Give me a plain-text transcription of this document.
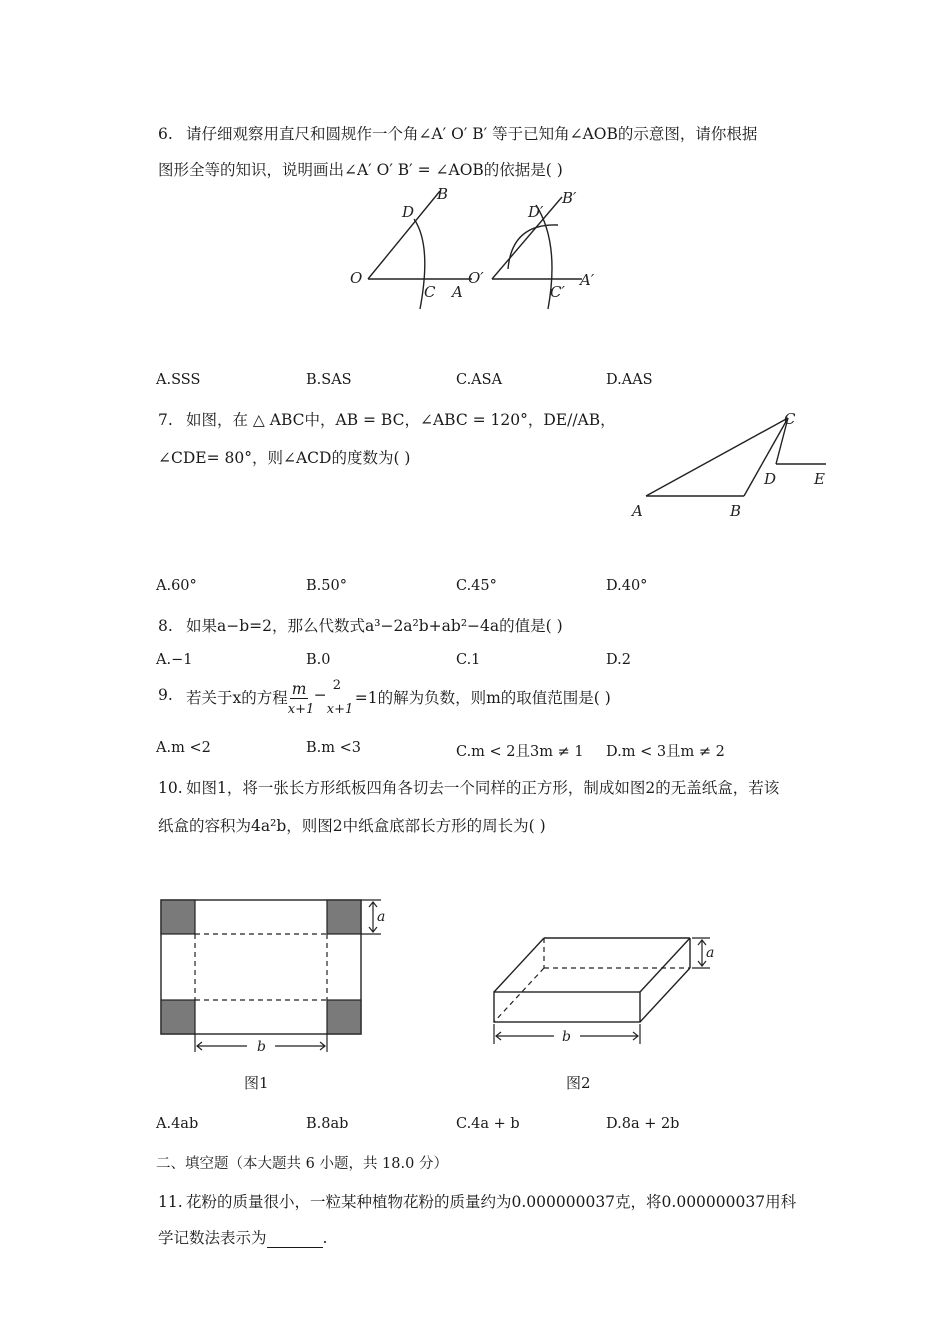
6. 请仔细观察用直尺和圆规作一个角∠A′ O′ B′ 等于已知角∠AOB的示意图，请你根据
图形全等的知识，说明画出∠A′ O′ B′ = ∠AOB的依据是( )
O
A
B
C
D
O′	A′
B′
C′
D′
A.SSS	B.SAS	C.ASA	D.AAS
7. 如图，在 △ ABC中，AB = BC，∠ABC = 120°，DE//AB，
∠CDE= 80°，则∠ACD的度数为( )
A	B
C
D	E
A.60°	B.50°	C.45°	D.40°
8. 如果a−b=2，那么代数式a³−2a²b+ab²−4a的值是( )
A.−1	B.0	C.1	D.2
9. 若关于x的方程 $\frac{m}{x+1}$ −
2
x+1
=1的解为负数，则m的取值范围是( )
A.m <2	B.m <3	C.m < 2且3m ≠ 1 D.m < 3且m ≠ 2
10. 如图1，将一张长方形纸板四角各切去一个同样的正方形，制成如图2的无盖纸盒，若该
纸盒的容积为4a²b，则图2中纸盒底部长方形的周长为( )
a
b
图1
a
b
图2
A.4ab	B.8ab	C.4a + b	D.8a + 2b
二、填空题（本大题共 6 小题，共 18.0 分）
11. 花粉的质量很小，一粒某种植物花粉的质量约为0.000000037克，将0.000000037用科
学记数法表示为	.
